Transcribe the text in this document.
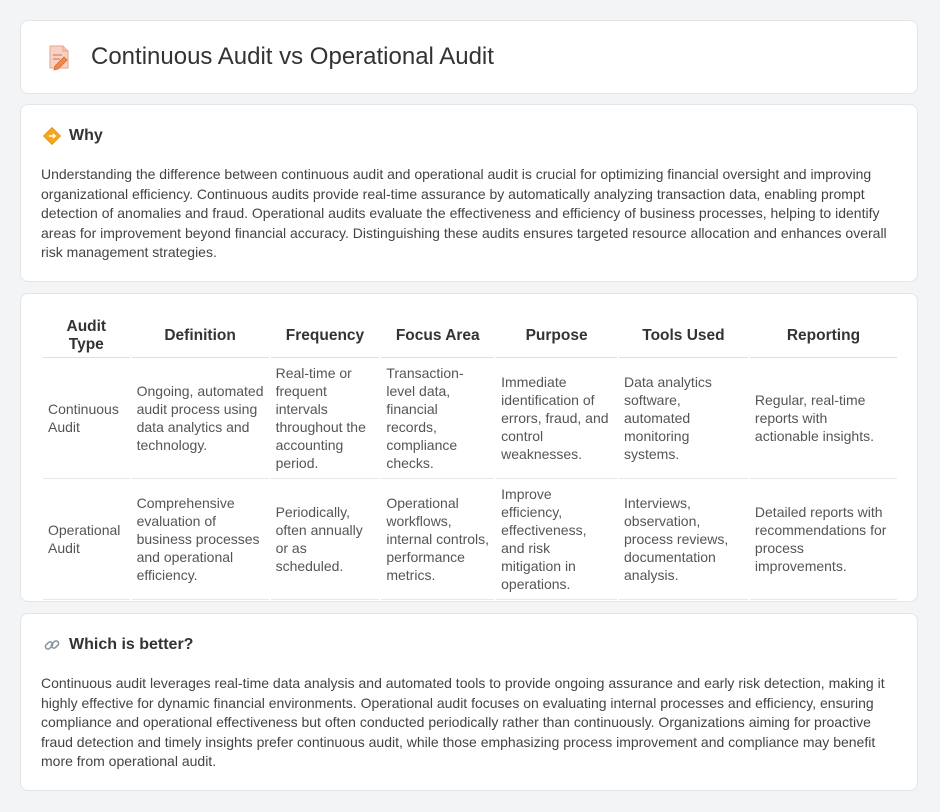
Continuous Audit vs Operational Audit
Why

Understanding the difference between continuous audit and operational audit is crucial for optimizing financial oversight and improving organizational efficiency. Continuous audits provide real-time assurance by automatically analyzing transaction data, enabling prompt detection of anomalies and fraud. Operational audits evaluate the effectiveness and efficiency of business processes, helping to identify areas for improvement beyond financial accuracy. Distinguishing these audits ensures targeted resource allocation and enhances overall risk management strategies.

Audit Type	Definition	Frequency	Focus Area	Purpose	Tools Used	Reporting
Continuous Audit	Ongoing, automated audit process using data analytics and technology.	Real-time or frequent intervals throughout the accounting period.	Transaction-level data, financial records, compliance checks.	Immediate identification of errors, fraud, and control weaknesses.	Data analytics software, automated monitoring systems.	Regular, real-time reports with actionable insights.
Operational Audit	Comprehensive evaluation of business processes and operational efficiency.	Periodically, often annually or as scheduled.	Operational workflows, internal controls, performance metrics.	Improve efficiency, effectiveness, and risk mitigation in operations.	Interviews, observation, process reviews, documentation analysis.	Detailed reports with recommendations for process improvements.
Which is better?

Continuous audit leverages real-time data analysis and automated tools to provide ongoing assurance and early risk detection, making it highly effective for dynamic financial environments. Operational audit focuses on evaluating internal processes and efficiency, ensuring compliance and operational effectiveness but often conducted periodically rather than continuously. Organizations aiming for proactive fraud detection and timely insights prefer continuous audit, while those emphasizing process improvement and compliance may benefit more from operational audit.
